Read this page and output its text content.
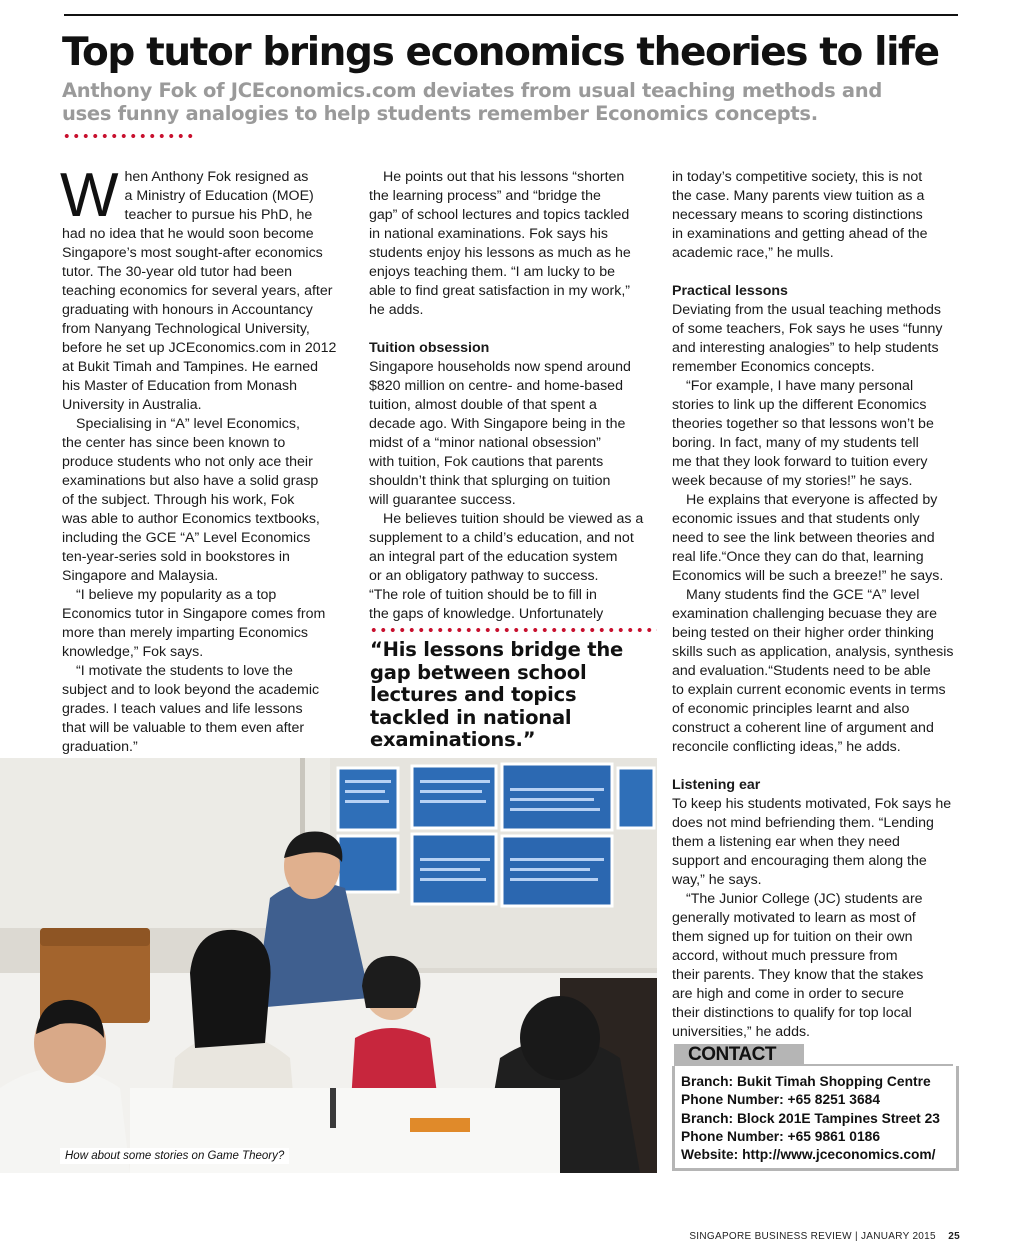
Top tutor brings economics theories to life

Anthony Fok of JCEconomics.com deviates from usual teaching methods and

uses funny analogies to help students remember Economics concepts.

W hen Anthony Fok resigned as
a Ministry of Education (MOE)
teacher to pursue his PhD, he
had no idea that he would soon become
Singapore’s most sought-after economics
tutor. The 30-year old tutor had been
teaching economics for several years, after
graduating with honours in Accountancy
from Nanyang Technological University,
before he set up JCEconomics.com in 2012
at Bukit Timah and Tampines. He earned
his Master of Education from Monash
University in Australia.

Specialising in “A” level Economics,
the center has since been known to
produce students who not only ace their
examinations but also have a solid grasp
of the subject. Through his work, Fok
was able to author Economics textbooks,
including the GCE “A” Level Economics
ten-year-series sold in bookstores in
Singapore and Malaysia.

“I believe my popularity as a top
Economics tutor in Singapore comes from
more than merely imparting Economics
knowledge,” Fok says.

“I motivate the students to love the
subject and to look beyond the academic
grades. I teach values and life lessons
that will be valuable to them even after
graduation.”

He points out that his lessons “shorten
the learning process” and “bridge the
gap” of school lectures and topics tackled
in national examinations. Fok says his
students enjoy his lessons as much as he
enjoys teaching them. “I am lucky to be
able to find great satisfaction in my work,”
he adds.

Tuition obsession

Singapore households now spend around
$820 million on centre- and home-based
tuition, almost double of that spent a
decade ago. With Singapore being in the
midst of a “minor national obsession”
with tuition, Fok cautions that parents
shouldn’t think that splurging on tuition
will guarantee success.

He believes tuition should be viewed as a
supplement to a child’s education, and not
an integral part of the education system
or an obligatory pathway to success.
“The role of tuition should be to fill in
the gaps of knowledge. Unfortunately

“His lessons bridge the
gap between school
lectures and topics
tackled in national
examinations.”

in today’s competitive society, this is not
the case. Many parents view tuition as a
necessary means to scoring distinctions
in examinations and getting ahead of the
academic race,” he mulls.

Practical lessons

Deviating from the usual teaching methods
of some teachers, Fok says he uses “funny
and interesting analogies” to help students
remember Economics concepts.

“For example, I have many personal
stories to link up the different Economics
theories together so that lessons won’t be
boring. In fact, many of my students tell
me that they look forward to tuition every
week because of my stories!” he says.

He explains that everyone is affected by
economic issues and that students only
need to see the link between theories and
real life.“Once they can do that, learning
Economics will be such a breeze!” he says.

Many students find the GCE “A” level
examination challenging becuase they are
being tested on their higher order thinking
skills such as application, analysis, synthesis
and evaluation.“Students need to be able
to explain current economic events in terms
of economic principles learnt and also
construct a coherent line of argument and
reconcile conflicting ideas,” he adds.

Listening ear

To keep his students motivated, Fok says he
does not mind befriending them. “Lending
them a listening ear when they need
support and encouraging them along the
way,” he says.

“The Junior College (JC) students are
generally motivated to learn as most of
them signed up for tuition on their own
accord, without much pressure from
their parents. They know that the stakes
are high and come in order to secure
their distinctions to qualify for top local
universities,” he adds.

How about some stories on Game Theory?
CONTACT
Branch: Bukit Timah Shopping Centre
Phone Number: +65 8251 3684
Branch: Block 201E Tampines Street 23
Phone Number: +65 9861 0186
Website: http://www.jceconomics.com/
SINGAPORE BUSINESS REVIEW | JANUARY 2015 25
